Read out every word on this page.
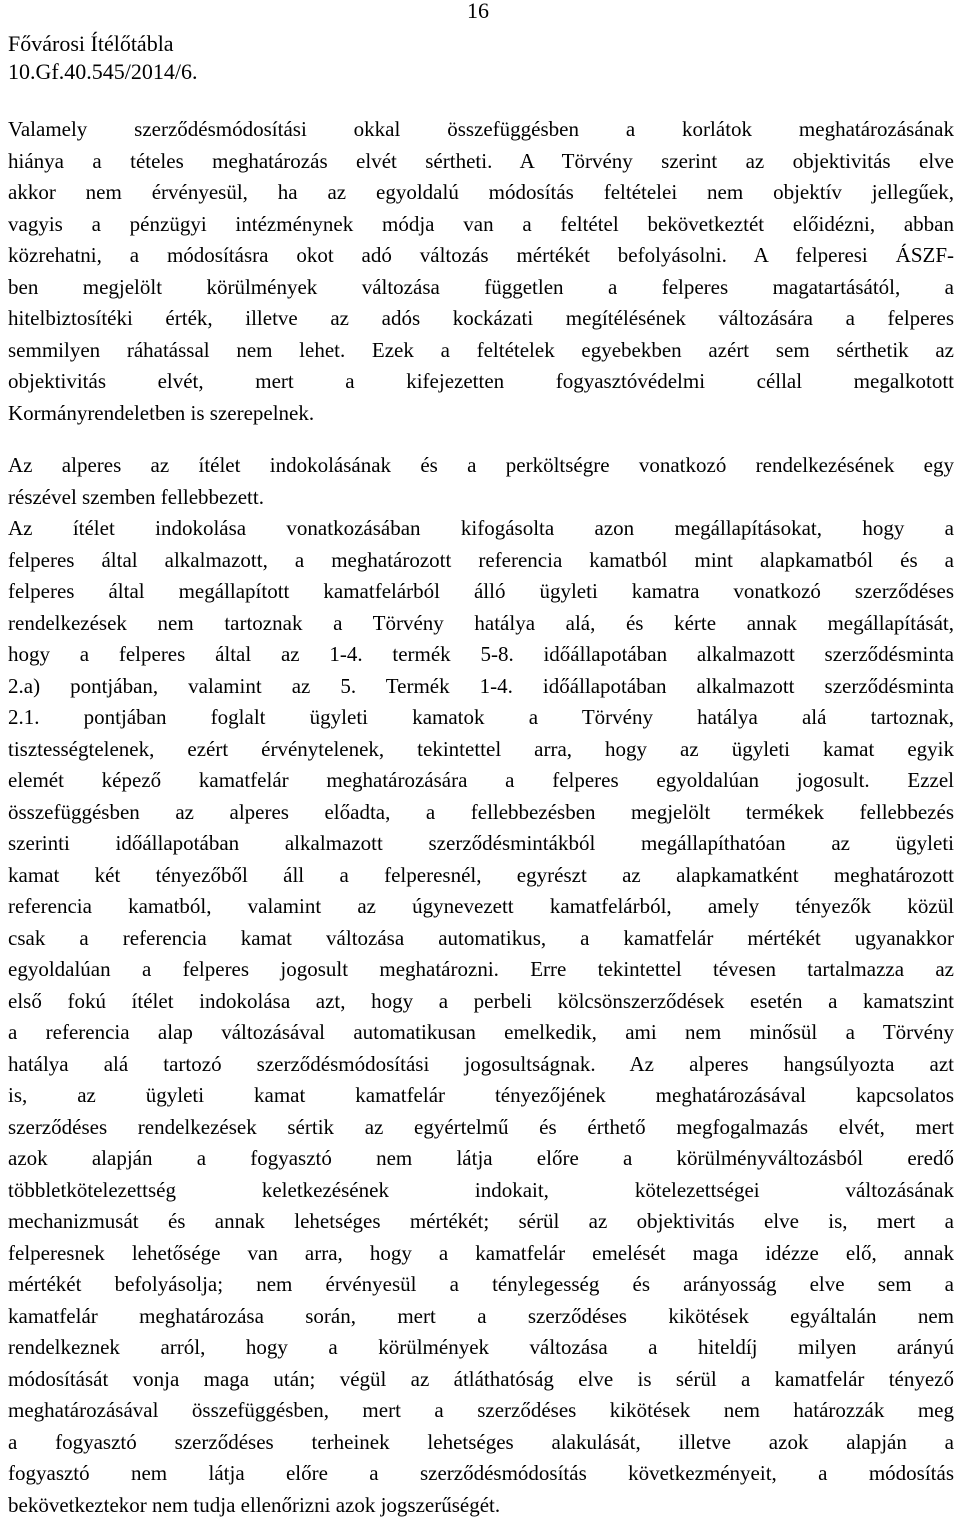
16
Fővárosi Ítélőtábla
10.Gf.40.545/2014/6.
Valamely szerződésmódosítási okkal összefüggésben a korlátok meghatározásának
hiánya a tételes meghatározás elvét sértheti. A Törvény szerint az objektivitás elve
akkor nem érvényesül, ha az egyoldalú módosítás feltételei nem objektív jellegűek,
vagyis a pénzügyi intézménynek módja van a feltétel bekövetkeztét előidézni, abban
közrehatni, a módosításra okot adó változás mértékét befolyásolni. A felperesi ÁSZF-
ben megjelölt körülmények változása független a felperes magatartásától, a
hitelbiztosítéki érték, illetve az adós kockázati megítélésének változására a felperes
semmilyen ráhatással nem lehet. Ezek a feltételek egyebekben azért sem sérthetik az
objektivitás elvét, mert a kifejezetten fogyasztóvédelmi céllal megalkotott
Kormányrendeletben is szerepelnek.
Az alperes az ítélet indokolásának és a perköltségre vonatkozó rendelkezésének egy
részével szemben fellebbezett.
Az ítélet indokolása vonatkozásában kifogásolta azon megállapításokat, hogy a
felperes által alkalmazott, a meghatározott referencia kamatból mint alapkamatból és a
felperes által megállapított kamatfelárból álló ügyleti kamatra vonatkozó szerződéses
rendelkezések nem tartoznak a Törvény hatálya alá, és kérte annak megállapítását,
hogy a felperes által az 1-4. termék 5-8. időállapotában alkalmazott szerződésminta
2.a) pontjában, valamint az 5. Termék 1-4. időállapotában alkalmazott szerződésminta
2.1. pontjában foglalt ügyleti kamatok a Törvény hatálya alá tartoznak,
tisztességtelenek, ezért érvénytelenek, tekintettel arra, hogy az ügyleti kamat egyik
elemét képező kamatfelár meghatározására a felperes egyoldalúan jogosult. Ezzel
összefüggésben az alperes előadta, a fellebbezésben megjelölt termékek fellebbezés
szerinti időállapotában alkalmazott szerződésmintákból megállapíthatóan az ügyleti
kamat két tényezőből áll a felperesnél, egyrészt az alapkamatként meghatározott
referencia kamatból, valamint az úgynevezett kamatfelárból, amely tényezők közül
csak a referencia kamat változása automatikus, a kamatfelár mértékét ugyanakkor
egyoldalúan a felperes jogosult meghatározni. Erre tekintettel tévesen tartalmazza az
első fokú ítélet indokolása azt, hogy a perbeli kölcsönszerződések esetén a kamatszint
a referencia alap változásával automatikusan emelkedik, ami nem minősül a Törvény
hatálya alá tartozó szerződésmódosítási jogosultságnak. Az alperes hangsúlyozta azt
is, az ügyleti kamat kamatfelár tényezőjének meghatározásával kapcsolatos
szerződéses rendelkezések sértik az egyértelmű és érthető megfogalmazás elvét, mert
azok alapján a fogyasztó nem látja előre a körülményváltozásból eredő
többletkötelezettség keletkezésének indokait, kötelezettségei változásának
mechanizmusát és annak lehetséges mértékét; sérül az objektivitás elve is, mert a
felperesnek lehetősége van arra, hogy a kamatfelár emelését maga idézze elő, annak
mértékét befolyásolja; nem érvényesül a ténylegesség és arányosság elve sem a
kamatfelár meghatározása során, mert a szerződéses kikötések egyáltalán nem
rendelkeznek arról, hogy a körülmények változása a hiteldíj milyen arányú
módosítását vonja maga után; végül az átláthatóság elve is sérül a kamatfelár tényező
meghatározásával összefüggésben, mert a szerződéses kikötések nem határozzák meg
a fogyasztó szerződéses terheinek lehetséges alakulását, illetve azok alapján a
fogyasztó nem látja előre a szerződésmódosítás következményeit, a módosítás
bekövetkeztekor nem tudja ellenőrizni azok jogszerűségét.
